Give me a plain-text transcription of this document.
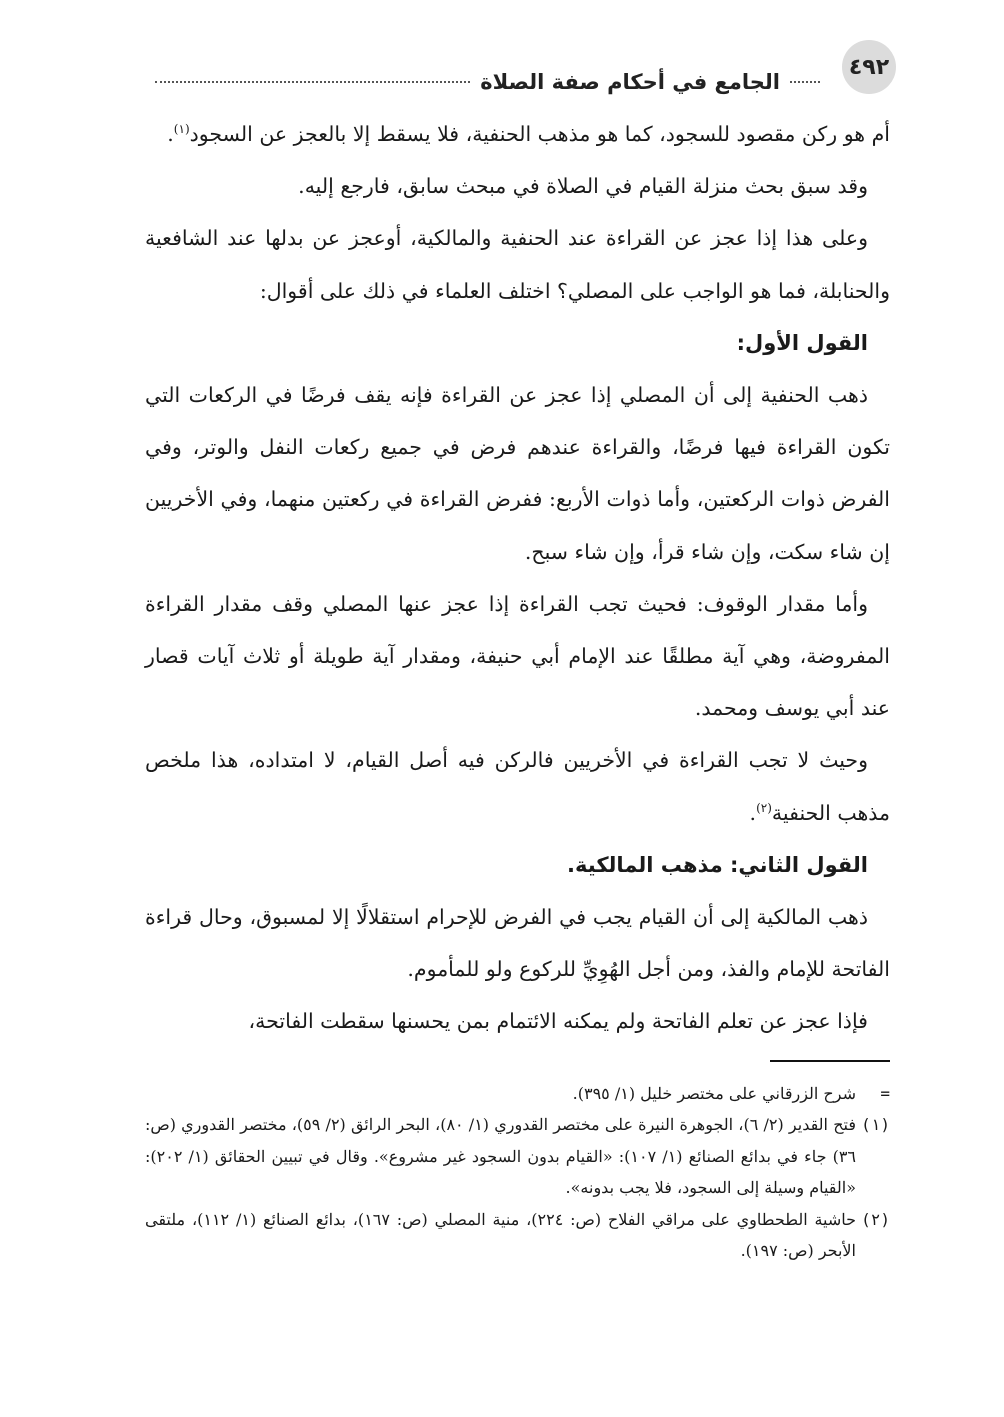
٤٩٢
الجامع في أحكام صفة الصلاة

أم هو ركن مقصود للسجود، كما هو مذهب الحنفية، فلا يسقط إلا بالعجز عن السجود$^{(١)}$.

وقد سبق بحث منزلة القيام في الصلاة في مبحث سابق، فارجع إليه.

وعلى هذا إذا عجز عن القراءة عند الحنفية والمالكية، أوعجز عن بدلها عند الشافعية والحنابلة، فما هو الواجب على المصلي؟ اختلف العلماء في ذلك على أقوال:

القول الأول:

ذهب الحنفية إلى أن المصلي إذا عجز عن القراءة فإنه يقف فرضًا في الركعات التي تكون القراءة فيها فرضًا، والقراءة عندهم فرض في جميع ركعات النفل والوتر، وفي الفرض ذوات الركعتين، وأما ذوات الأربع: ففرض القراءة في ركعتين منهما، وفي الأخريين إن شاء سكت، وإن شاء قرأ، وإن شاء سبح.

وأما مقدار الوقوف: فحيث تجب القراءة إذا عجز عنها المصلي وقف مقدار القراءة المفروضة، وهي آية مطلقًا عند الإمام أبي حنيفة، ومقدار آية طويلة أو ثلاث آيات قصار عند أبي يوسف ومحمد.

وحيث لا تجب القراءة في الأخريين فالركن فيه أصل القيام، لا امتداده، هذا ملخص مذهب الحنفية$^{(٢)}$.

القول الثاني: مذهب المالكية.

ذهب المالكية إلى أن القيام يجب في الفرض للإحرام استقلالًا إلا لمسبوق، وحال قراءة الفاتحة للإمام والفذ، ومن أجل الهُوِيِّ للركوع ولو للمأموم.

فإذا عجز عن تعلم الفاتحة ولم يمكنه الائتمام بمن يحسنها سقطت الفاتحة،

=
شرح الزرقاني على مختصر خليل (١/ ٣٩٥).
(١)
فتح القدير (٢/ ٦)، الجوهرة النيرة على مختصر القدوري (١/ ٨٠)، البحر الرائق (٢/ ٥٩)، مختصر القدوري (ص: ٣٦) جاء في بدائع الصنائع (١/ ١٠٧): «القيام بدون السجود غير مشروع». وقال في تبيين الحقائق (١/ ٢٠٢): «القيام وسيلة إلى السجود، فلا يجب بدونه».
(٢)
حاشية الطحطاوي على مراقي الفلاح (ص: ٢٢٤)، منية المصلي (ص: ١٦٧)، بدائع الصنائع (١/ ١١٢)، ملتقى الأبحر (ص: ١٩٧).
